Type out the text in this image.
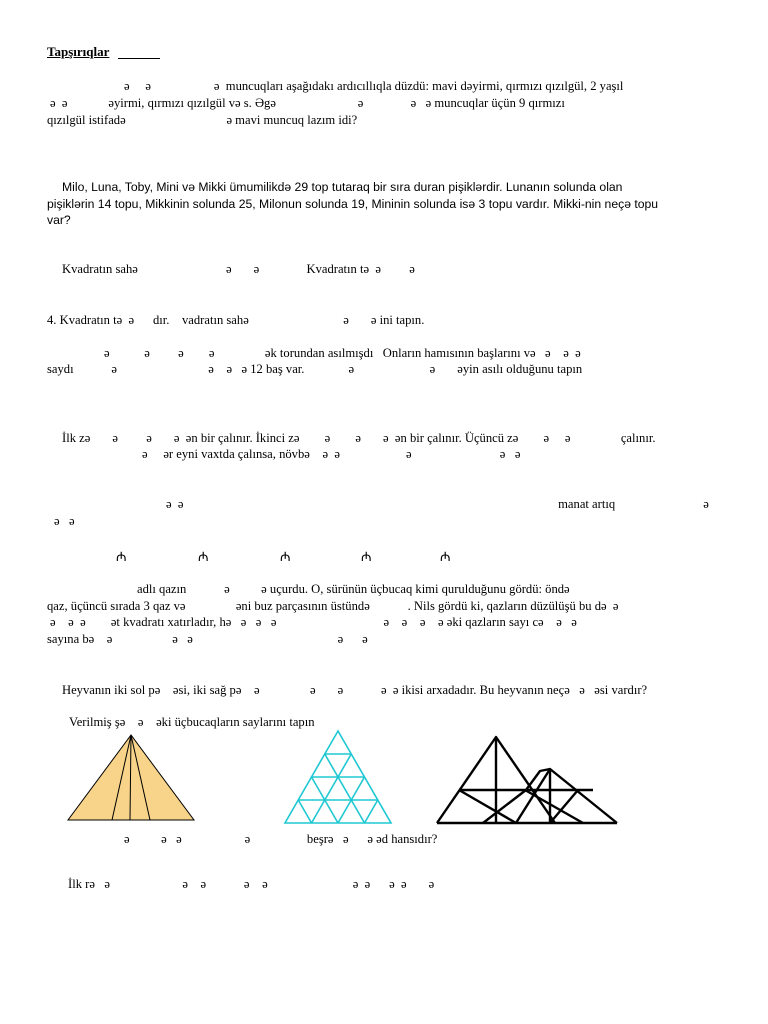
Tapşırıqlar
ə     ə                    ə  muncuqları aşağıdakı ardıcıllıqla düzdü: mavi dəyirmi, qırmızı qızılgül, 2 yaşıl
ə  ə             əyirmi, qırmızı qızılgül və s. Əgə                          ə               ə   ə muncuqlar üçün 9 qırmızı
qızılgül istifadə                                ə mavi muncuq lazım idi?
Milo, Luna, Toby, Mini və Mikki ümumilikdə 29 top tutaraq bir sıra duran pişiklərdir. Lunanın solunda olan
pişiklərin 14 topu, Mikkinin solunda 25, Milonun solunda 19, Mininin solunda isə 3 topu vardır. Mikki-nin neçə topu
var?
Kvadratın sahə                            ə       ə               Kvadratın tə  ə         ə
4. Kvadratın tə  ə      dır.    vadratın sahə                              ə       ə ini tapın.
ə           ə         ə        ə                ək torundan asılmışdı   Onların hamısının başlarını və   ə    ə  ə
saydı            ə                             ə    ə   ə 12 baş var.              ə                        ə       əyin asılı olduğunu tapın
İlk zə       ə         ə       ə  ən bir çalınır. İkinci zə        ə        ə       ə  ən bir çalınır. Üçüncü zə        ə     ə                çalınır.
ə     ər eyni vaxtda çalınsa, növbə    ə  ə                     ə                            ə   ə
ə  ə                                                                                                                       manat artıq                            ə
ə   ə
₼	₼	₼	₼	₼
adlı qazın            ə          ə uçurdu. O, sürünün üçbucaq kimi qurulduğunu gördü: öndə
qaz, üçüncü sırada 3 qaz və                əni buz parçasının üstündə            . Nils gördü ki, qazların düzülüşü bu də  ə
ə    ə  ə        ət kvadratı xatırladır, hə   ə   ə   ə                                  ə    ə    ə    ə əki qazların sayı cə    ə   ə
sayına bə    ə                   ə   ə                                              ə      ə
Heyvanın iki sol pə    əsi, iki sağ pə    ə                ə       ə            ə  ə ikisi arxadadır. Bu heyvanın neçə   ə   əsi vardır?
Verilmiş şə    ə    əki üçbucaqların saylarını tapın
ə          ə   ə                    ə                  beşrə   ə      ə əd hansıdır?
İlk rə   ə                       ə    ə            ə    ə                           ə  ə      ə  ə       ə
